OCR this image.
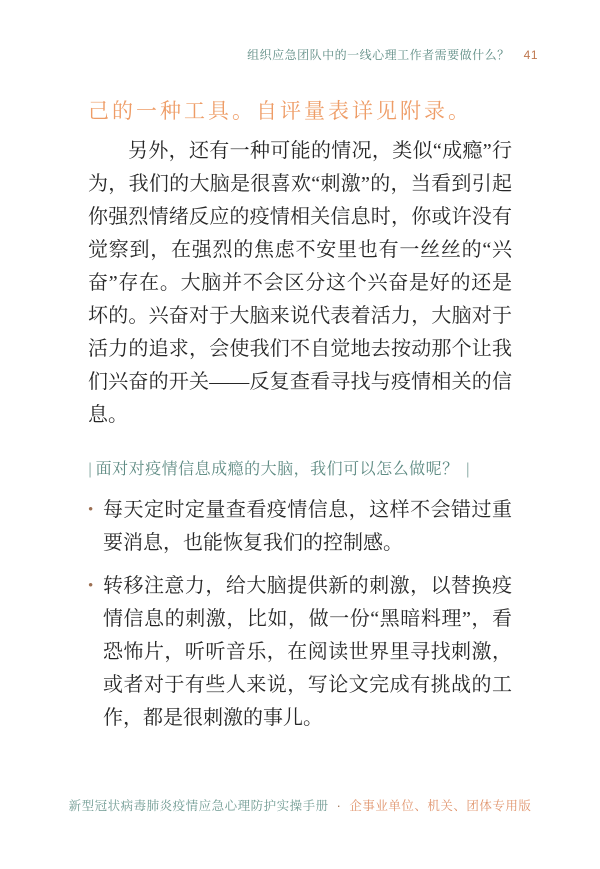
组织应急团队中的一线心理工作者需要做什么？ 41
己的一种工具。自评量表详见附录。
另外，还有一种可能的情况，类似“成瘾”行为，我们的大脑是很喜欢“刺激”的，当看到引起你强烈情绪反应的疫情相关信息时，你或许没有觉察到，在强烈的焦虑不安里也有一丝丝的“兴奋”存在。大脑并不会区分这个兴奋是好的还是坏的。兴奋对于大脑来说代表着活力，大脑对于活力的追求，会使我们不自觉地去按动那个让我们兴奋的开关——反复查看寻找与疫情相关的信息。
| 面对对疫情信息成瘾的大脑，我们可以怎么做呢？ |
• 每天定时定量查看疫情信息，这样不会错过重要消息，也能恢复我们的控制感。
• 转移注意力，给大脑提供新的刺激，以替换疫情信息的刺激，比如，做一份“黑暗料理”，看恐怖片，听听音乐，在阅读世界里寻找刺激，或者对于有些人来说，写论文完成有挑战的工作，都是很刺激的事儿。
新型冠状病毒肺炎疫情应急心理防护实操手册 · 企事业单位、机关、团体专用版
